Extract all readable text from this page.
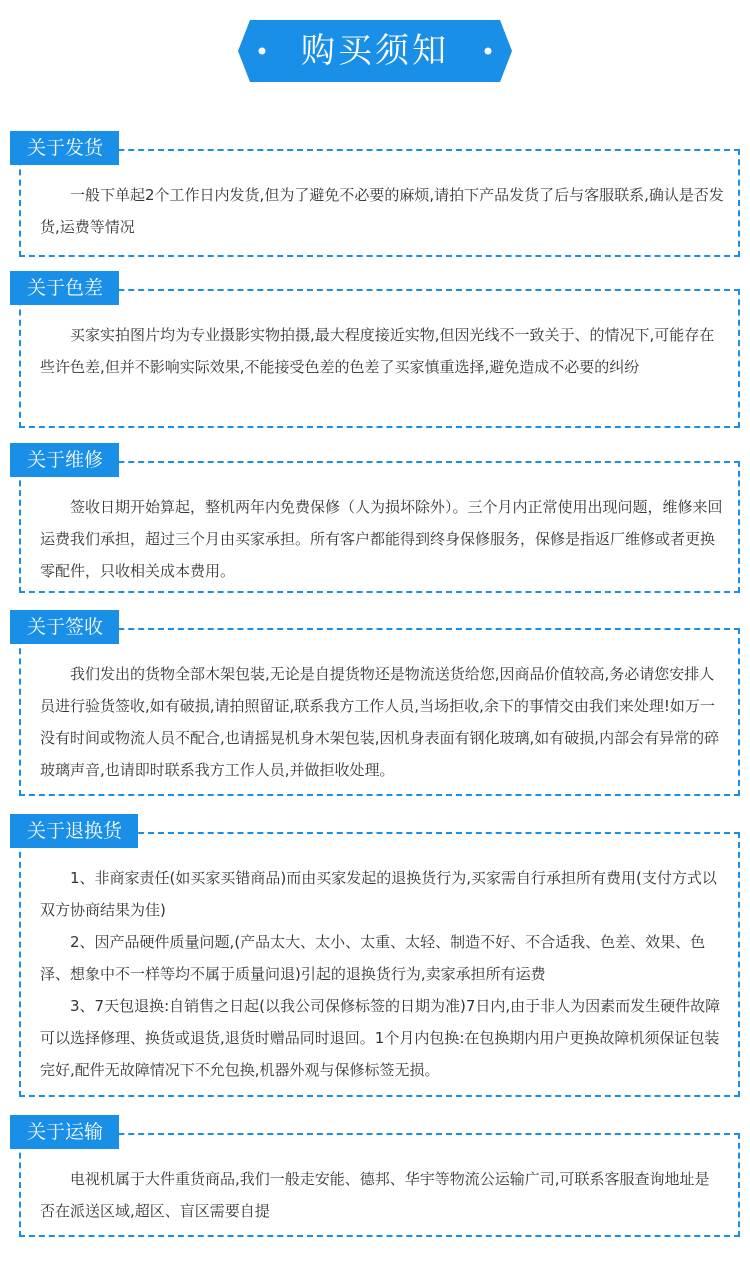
购买须知
关于发货

一般下单起2个工作日内发货,但为了避免不必要的麻烦,请拍下产品发货了后与客服联系,确认是否发货,运费等情况

关于色差

买家实拍图片均为专业摄影实物拍摄,最大程度接近实物,但因光线不一致关于、的情况下,可能存在些许色差,但并不影响实际效果,不能接受色差的色差了买家慎重选择,避免造成不必要的纠纷

关于维修

签收日期开始算起，整机两年内免费保修（人为损坏除外）。三个月内正常使用出现问题，维修来回运费我们承担，超过三个月由买家承担。所有客户都能得到终身保修服务，保修是指返厂维修或者更换零配件，只收相关成本费用。

关于签收

我们发出的货物全部木架包装,无论是自提货物还是物流送货给您,因商品价值较高,务必请您安排人员进行验货签收,如有破损,请拍照留证,联系我方工作人员,当场拒收,余下的事情交由我们来处理!如万一没有时间或物流人员不配合,也请摇晃机身木架包装,因机身表面有钢化玻璃,如有破损,内部会有异常的碎玻璃声音,也请即时联系我方工作人员,并做拒收处理。

关于退换货

1、非商家责任(如买家买错商品)而由买家发起的退换货行为,买家需自行承担所有费用(支付方式以双方协商结果为佳)

2、因产品硬件质量问题,(产品太大、太小、太重、太轻、制造不好、不合适我、色差、效果、色泽、想象中不一样等均不属于质量问退)引起的退换货行为,卖家承担所有运费

3、7天包退换:自销售之日起(以我公司保修标签的日期为准)7日内,由于非人为因素而发生硬件故障可以选择修理、换货或退货,退货时赠品同时退回。1个月内包换:在包换期内用户更换故障机须保证包装完好,配件无故障情况下不允包换,机器外观与保修标签无损。

关于运输

电视机属于大件重货商品,我们一般走安能、德邦、华宇等物流公运输广司,可联系客服查询地址是否在派送区域,超区、盲区需要自提
